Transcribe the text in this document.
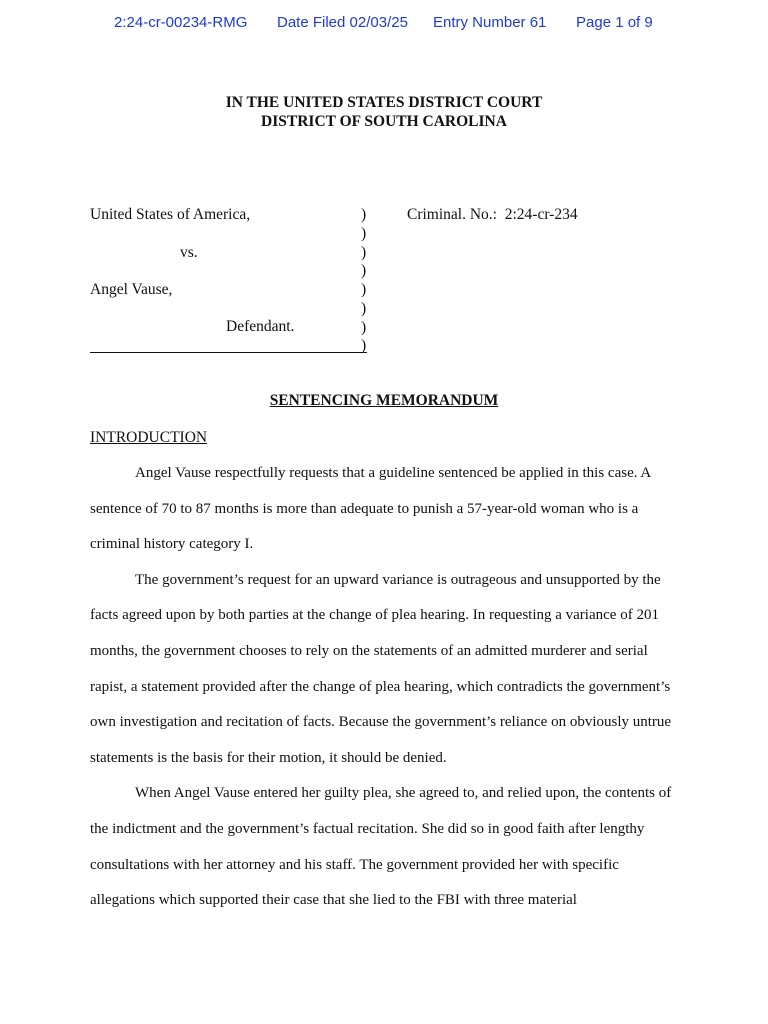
2:24-cr-00234-RMG Date Filed 02/03/25 Entry Number 61 Page 1 of 9
IN THE UNITED STATES DISTRICT COURT
DISTRICT OF SOUTH CAROLINA
United States of America,
vs.
Angel Vause,
Defendant.
Criminal. No.: 2:24-cr-234
)
)
)
)
)
)
)
)
SENTENCING MEMORANDUM
INTRODUCTION

Angel Vause respectfully requests that a guideline sentenced be applied in this case. A
sentence of 70 to 87 months is more than adequate to punish a 57-year-old woman who is a
criminal history category I.

The government’s request for an upward variance is outrageous and unsupported by the
facts agreed upon by both parties at the change of plea hearing. In requesting a variance of 201
months, the government chooses to rely on the statements of an admitted murderer and serial
rapist, a statement provided after the change of plea hearing, which contradicts the government’s
own investigation and recitation of facts. Because the government’s reliance on obviously untrue
statements is the basis for their motion, it should be denied.

When Angel Vause entered her guilty plea, she agreed to, and relied upon, the contents of
the indictment and the government’s factual recitation. She did so in good faith after lengthy
consultations with her attorney and his staff. The government provided her with specific
allegations which supported their case that she lied to the FBI with three material
